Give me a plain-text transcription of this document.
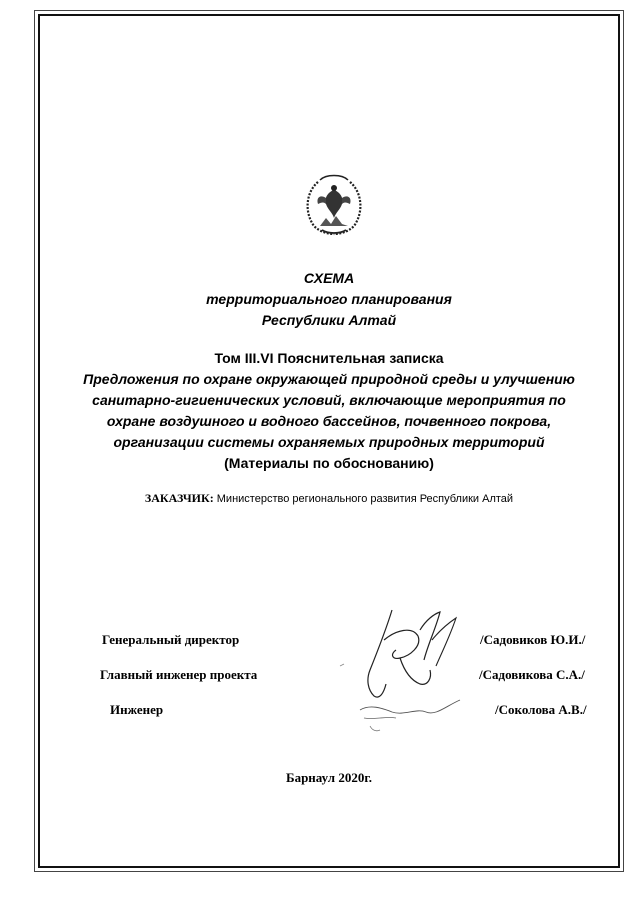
СХЕМА
территориального планирования
Республики Алтай
Том III.VI Пояснительная записка
Предложения по охране окружающей природной среды и улучшению
санитарно-гигиенических условий, включающие мероприятия по
охране воздушного и водного бассейнов, почвенного покрова,
организации системы охраняемых природных территорий
(Материалы по обоснованию)
ЗАКАЗЧИК: Министерство регионального развития Республики Алтай
Генеральный директор	/Садовиков Ю.И./
Главный инженер проекта	/Садовикова С.А./
Инженер	/Соколова А.В./
Барнаул 2020г.
